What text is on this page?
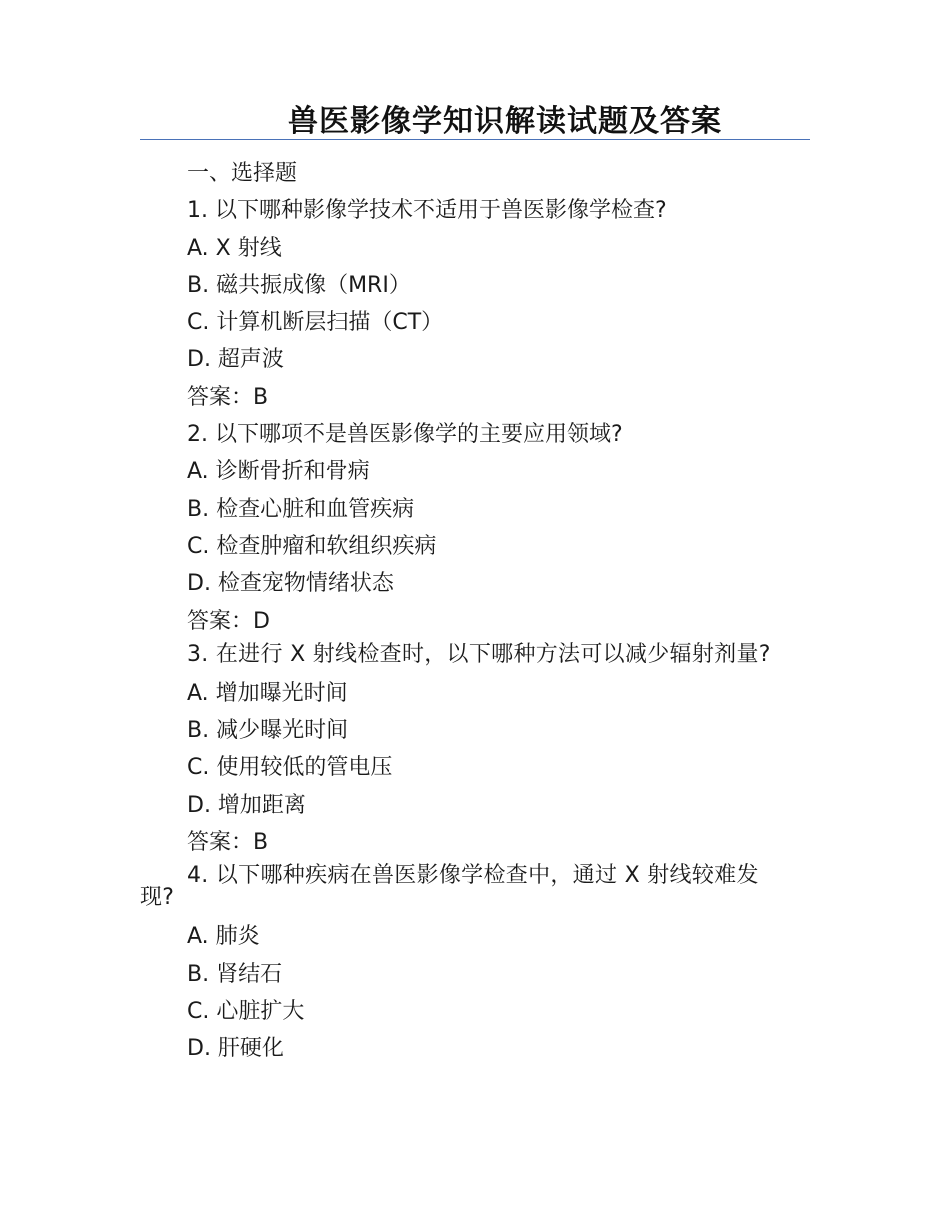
兽医影像学知识解读试题及答案
一、选择题
1. 以下哪种影像学技术不适用于兽医影像学检查?
A. X 射线
B. 磁共振成像（MRI）
C. 计算机断层扫描（CT）
D. 超声波
答案：B
2. 以下哪项不是兽医影像学的主要应用领域?
A. 诊断骨折和骨病
B. 检查心脏和血管疾病
C. 检查肿瘤和软组织疾病
D. 检查宠物情绪状态
答案：D
3. 在进行 X 射线检查时，以下哪种方法可以减少辐射剂量?
A. 增加曝光时间
B. 减少曝光时间
C. 使用较低的管电压
D. 增加距离
答案：B
4. 以下哪种疾病在兽医影像学检查中，通过 X 射线较难发现?
A. 肺炎
B. 肾结石
C. 心脏扩大
D. 肝硬化
